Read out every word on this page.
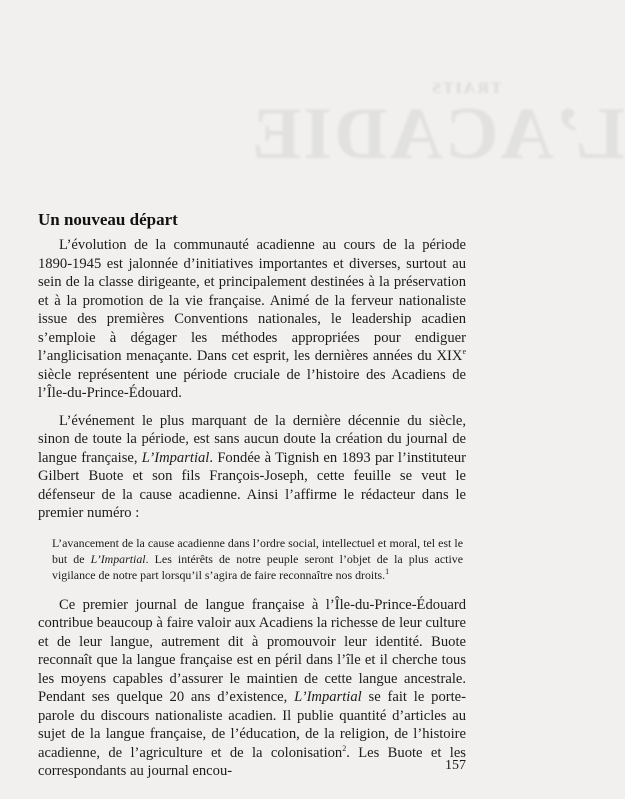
L’ACADIE
TRAITS
Un nouveau départ

L’évolution de la communauté acadienne au cours de la période 1890-1945 est jalonnée d’initiatives importantes et diverses, surtout au sein de la classe dirigeante, et principalement destinées à la préservation et à la promotion de la vie française. Animé de la ferveur nationaliste issue des premières Conventions nationales, le leadership acadien s’emploie à dégager les méthodes appropriées pour endiguer l’anglicisation menaçante. Dans cet esprit, les dernières années du XIXe siècle représentent une période cruciale de l’histoire des Acadiens de l’Île-du-Prince-Édouard.

L’événement le plus marquant de la dernière décennie du siècle, sinon de toute la période, est sans aucun doute la création du journal de langue française, L’Impartial. Fondée à Tignish en 1893 par l’instituteur Gilbert Buote et son fils François-Joseph, cette feuille se veut le défenseur de la cause acadienne. Ainsi l’affirme le rédacteur dans le premier numéro :

L’avancement de la cause acadienne dans l’ordre social, intellectuel et moral, tel est le but de L’Impartial. Les intérêts de notre peuple seront l’objet de la plus active vigilance de notre part lorsqu’il s’agira de faire reconnaître nos droits.$^1$

Ce premier journal de langue française à l’Île-du-Prince-Édouard contribue beaucoup à faire valoir aux Acadiens la richesse de leur culture et de leur langue, autrement dit à promouvoir leur identité. Buote reconnaît que la langue française est en péril dans l’île et il cherche tous les moyens capables d’assurer le maintien de cette langue ancestrale. Pendant ses quelque 20 ans d’existence, L’Impartial se fait le porte-parole du discours nationaliste acadien. Il publie quantité d’articles au sujet de la langue française, de l’éducation, de la religion, de l’histoire acadienne, de l’agriculture et de la colonisation$^2$. Les Buote et les correspondants au journal encou-	157
